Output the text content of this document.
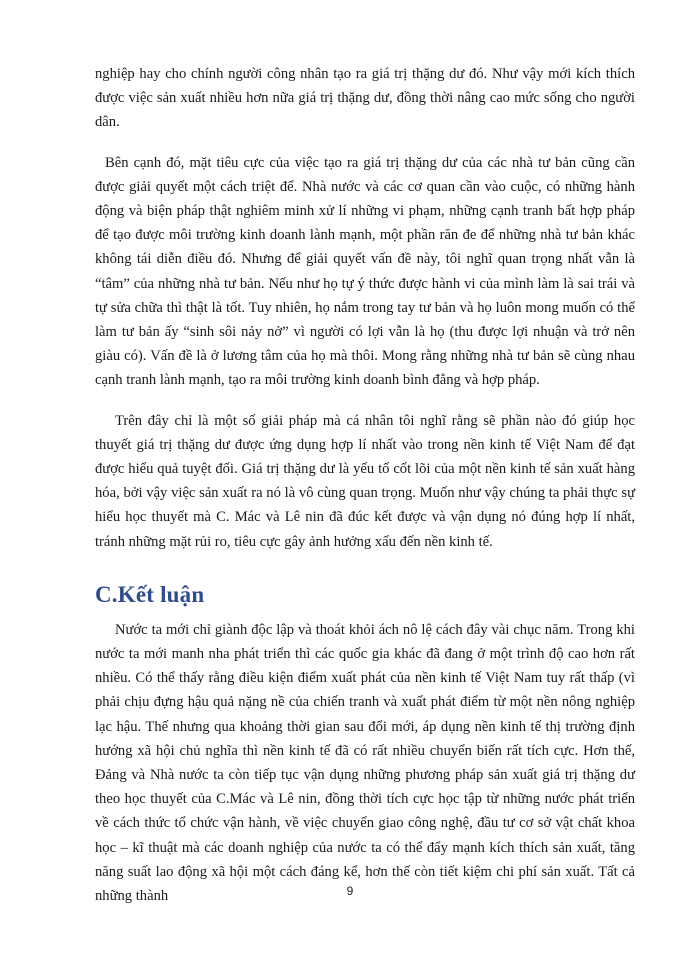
nghiệp hay cho chính người công nhân tạo ra giá trị thặng dư đó. Như vậy mới kích thích được việc sản xuất nhiều hơn nữa giá trị thặng dư, đồng thời nâng cao mức sống cho người dân.

Bên cạnh đó, mặt tiêu cực của việc tạo ra giá trị thặng dư của các nhà tư bản cũng cần được giải quyết một cách triệt để. Nhà nước và các cơ quan cần vào cuộc, có những hành động và biện pháp thật nghiêm minh xử lí những vi phạm, những cạnh tranh bất hợp pháp để tạo được môi trường kinh doanh lành mạnh, một phần răn đe để những nhà tư bản khác không tái diễn điều đó. Nhưng để giải quyết vấn đề này, tôi nghĩ quan trọng nhất vẫn là “tâm” của những nhà tư bản. Nếu như họ tự ý thức được hành vi của mình làm là sai trái và tự sửa chữa thì thật là tốt. Tuy nhiên, họ nắm trong tay tư bản và họ luôn mong muốn có thể làm tư bản ấy “sinh sôi nảy nở” vì người có lợi vẫn là họ (thu được lợi nhuận và trở nên giàu có). Vấn đề là ở lương tâm của họ mà thôi. Mong rằng những nhà tư bản sẽ cùng nhau cạnh tranh lành mạnh, tạo ra môi trường kinh doanh bình đẳng và hợp pháp.

Trên đây chỉ là một số giải pháp mà cá nhân tôi nghĩ rằng sẽ phần nào đó giúp học thuyết giá trị thặng dư được ứng dụng hợp lí nhất vào trong nền kinh tế Việt Nam để đạt được hiểu quả tuyệt đối. Giá trị thặng dư là yếu tố cốt lõi của một nền kinh tế sản xuất hàng hóa, bởi vậy việc sản xuất ra nó là vô cùng quan trọng. Muốn như vậy chúng ta phải thực sự hiểu học thuyết mà C. Mác và Lê nin đã đúc kết được và vận dụng nó đúng hợp lí nhất, tránh những mặt rủi ro, tiêu cực gây ảnh hưởng xấu đến nền kinh tế.

C.Kết luận

Nước ta mới chỉ giành độc lập và thoát khỏi ách nô lệ cách đây vài chục năm. Trong khi nước ta mới manh nha phát triển thì các quốc gia khác đã đang ở một trình độ cao hơn rất nhiều. Có thể thấy rằng điều kiện điểm xuất phát của nền kinh tế Việt Nam tuy rất thấp (vì phải chịu đựng hậu quả nặng nề của chiến tranh và xuất phát điểm từ một nền nông nghiệp lạc hậu. Thế nhưng qua khoảng thời gian sau đổi mới, áp dụng nền kinh tế thị trường định hướng xã hội chủ nghĩa thì nền kinh tế đã có rất nhiều chuyển biến rất tích cực. Hơn thế, Đảng và Nhà nước ta còn tiếp tục vận dụng những phương pháp sản xuất giá trị thặng dư theo học thuyết của C.Mác và Lê nin, đồng thời tích cực học tập từ những nước phát triển về cách thức tổ chức vận hành, về việc chuyển giao công nghệ, đầu tư cơ sở vật chất khoa học – kĩ thuật mà các doanh nghiệp của nước ta có thể đẩy mạnh kích thích sản xuất, tăng năng suất lao động xã hội một cách đáng kể, hơn thế còn tiết kiệm chi phí sản xuất. Tất cả những thành	9
